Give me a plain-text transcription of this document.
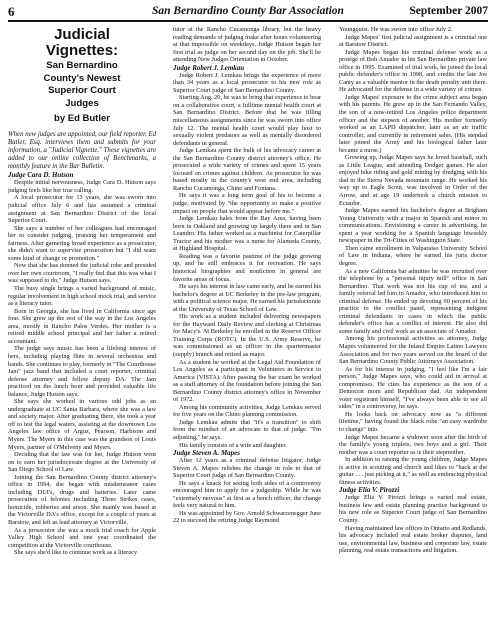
6	San Bernardino County Bar Association	September 2007
Judicial
Vignettes:
San Bernardino
County's Newest
Superior Court
Judges
by Ed Butler

When new judges are appointed, our field reporter, Ed Butler, Esq. interviews them and submits for your information, a "Judicial Vignette." These vignettes are added to our online collection of Benchmarks, a monthly feature in the Bar Bulletin.

Judge Cara D. Hutson

Despite initial nervousness, Judge Cara D. Hutson says judging feels like her true calling.

A local prosecutor for 13 years, she was sworn into judicial office July 6 and has assumed a criminal assignment at San Bernardino District of the local Superior Court.

She says a number of her colleagues had encouraged her to consider judging, praising her temperament and fairness. After garnering broad experience as a prosecutor, she didn't want to supervise prosecution but "I did want some kind of change or promotion."

Now that she has donned the judicial robe and presided over her own courtroom, "I really feel that this was what I was supposed to do," Judge Hutson says.

The busy single brings a varied background of music, regular involvement in high school mock trial, and service as a literacy tutor.

Born in Georgia, she has lived in California since age four. She grew up the rest of the way in the Los Angeles area, mostly in Rancho Palos Verdes. Her mother is a retired middle school principal and her father a retired accountant.

The judge says music has been a lifelong interest of hers, including playing flute in several orchestras and bands. She continues to play, formerly in "The Courthouse Jam" jazz band that included a court reporter, criminal defense attorney and fellow deputy DA. The Jam practiced on the lunch hour and provided valuable life balance, Judge Hutson says.

She says she worked in various odd jobs as an undergraduate at UC Santa Barbara, where she was a law and society major. After graduating there, she took a year off to test the legal waters, assisting at the downtown Los Angeles law office of Arguz, Pearson, Harbison and Myers. The Myers in this case was the grandson of Louis Myers, partner of O'Melveny and Myers.

Deciding that the law was for her, Judge Hutson went on to earn her jurisdoctorate degree at the University of San Diego School of Law.

Joining the San Bernardino County district attorney's office in 1994, she began with misdemeanor cases including DUI's, drugs and batteries. Later came prosecution of felonies including Three Strikes cases, homicide, robberies and arson. She mainly was based at the Victorville DA's office, except for a couple of years at Barstow, and left as lead attorney at Victorville.

As a prosecutor she was a mock trial coach for Apple Valley High School and one year coordinated the competition at the Victorville courthouse.

She says she'd like to continue work as a literacy

tutor at the Rancho Cucamonga library, but the heavy reading demands of judging make after hours volunteering at that impossible on weekdays. Judge Hutson began her first trial as judge on her second day on the job. She'll be attending New Judges Orientation in October.

Judge Robert J. Lemkau

Judge Robert J. Lemkau brings the experience of more than 34 years as a local prosecutor to his new role as Superior Court judge of San Bernardino County.

Starting Aug. 20, he was to bring that experience to bear on a collaborative court, a fulltime mental health court at San Bernardino District. Before that he was filling miscellaneous assignments since he was sworn into office July 12. The mental health court would play host to sexually violent predators as well as mentally disordered defendants in general.

Judge Lemkau spent the bulk of his advocacy career at the San Bernardino County district attorney's office. He prosecuted a wide variety of crimes and spent 15 years focused on crimes against children. As prosecutor he was based mostly in the county's west end area, including Rancho Cucamonga, Chino and Fontana.

He says it was a long term goal of his to become a judge, motivated by "the opportunity to make a positive impact on people that would appear before me."

Judge Lemkau hales from the Bay Area, having been born in Oakland and growing up largely there and in San Leandro. His father worked as a machinist for Caterpillar Tractor and his mother was a nurse for Alameda County, at Highland Hospital.

Reading was a favorite pastime of the judge growing up, and he still embraces it for recreation. He says historical biographies and nonfiction in general are favorite areas of focus.

He says his interest in law came early, and he earned his bachelor's degree at UC Berkeley in the pre-law program, with a political science major. He earned his jurisdoctorate at the University of Texas School of Law.

His work as a student included delivering newspapers for the Hayward Daily Review and clerking at Christmas for Macy's. At Berkeley he enrolled in the Reserve Officer Training Corps (ROTC). In the U.S. Army Reserve, he was commissioned as an officer in the quartermaster (supply) branch and retired as major.

As a student he worked at the Legal Aid Foundation of Los Angeles as a participant in Volunteers in Service to America (VISTA). After passing the bar exam he worked as a staff attorney of the foundation before joining the San Bernardino County district attorney's office in November of 1972.

Among his community activities, Judge Lemkau served for five years on the Chino planning commission.

Judge Lemkau admits that "it's a transition" to shift from the mindset of an advocate to that of judge. "I'm adjusting," he says.

His family consists of a wife and daughter.

Judge Steven A. Mapes

After 12 years as a criminal defense litigator, Judge Steven A. Mapes relishes the change in role to that of Superior Court judge of San Bernardino County.

He says a knack for seeing both sides of a controversy encouraged him to apply for a judgeship. While he was "extremely nervous" at first as a bench officer, the change feels very natural to him.

He was appointed by Gov. Arnold Schwarzenegger June 22 to succeed the retiring Judge Raymond

Youngquist. He was sworn into office July 2.

Judge Mapes' first judicial assignment is a criminal one at Barstow District.

Judge Mapes began his criminal defense work as a protégé of Bob Amador in his San Bernardino private law office in 1995. Examined of trial work, he joined the local public defender's office in 1998, and credits the late Joe Canty as a valuable mentor in the death penalty unit there. He advocated for the defense in a wide variety of crimes.

Judge Mapes' exposure to the crime subject area began with his parents. He grew up in the San Fernando Valley, the son of a now-retired Los Angeles police department officer and the stepson of another. His mother formerly worked as an LAPD dispatcher, later as an air traffic controller, and currently in retirement sales. (His stepdad later joined the Army and his biological father later became a nurse.)

Growing up, Judge Mapes says he loved baseball, such as Little League, and attending Dodger games. He also enjoyed bike riding and gold mining by dredging with his dad in the Sierra Nevada mountain range. He worked his way up to Eagle Scout, was involved in Order of the Arrow, and at age 19 undertook a church mission to Ecuador.

Judge Mapes earned his bachelor's degree at Brigham Young University with a major in Spanish and minor in communications. Envisioning a career in advertising, he spent a year working for a Spanish language biweekly newspaper in the Tri-Cities of Washington State.

Then came enrollment in Valparaiso University School of Law in Indiana, where he earned his juris doctor degree.

As a new California bar admittee he was recruited over the telephone by a "personal injury mill" office in San Bernardino. That work was not his cup of tea, and a family referral led him to Amador, who introduced him to criminal defense. He ended up devoting 90 percent of his practice to the conflict panel, representing indigent criminal defendants in cases in which the public defender's office has a conflict of interest. He also did some family and civil work as an associate of Amador.

Among his professional activities as attorney, Judge Mapes volunteered for the Inland Empire Latino Lawyers Association and for two years served on the board of the San Bernardino County Public Attorneys Association.

As for his interest in judging, "I feel like I'm a fair person," Judge Mapes says, who could aid in arrival at compromises. He cites his experience as the son of a Democrat mom and Republican dad. An independent voter registrant himself, "I've always been able to see all sides" in a controversy, he says.

He looks back on advocacy now as "a different lifetime," having found the black robe "an easy wardrobe to change" into.

Judge Mapes became a widower soon after the birth of the family's young triplets, two boys and a girl. Their mother was a court reporter as is their stepmother.

In addition to raising the young children, Judge Mapes is active in scouting and church and likes to "back at the guitar . . . just picking at it," as well as embracing physical fitness activities.

Judge Elia V. Pirozzi

Judge Elia V. Pirozzi brings a varied real estate, business law and estate planning practice background to his new role as Superior Court judge of San Bernardino County.

Having maintained law offices in Ontario and Redlands, his advocacy included real estate broker disputes, land use, environmental law, business and corporate law, estate planning, real estate transactions and litigation.
